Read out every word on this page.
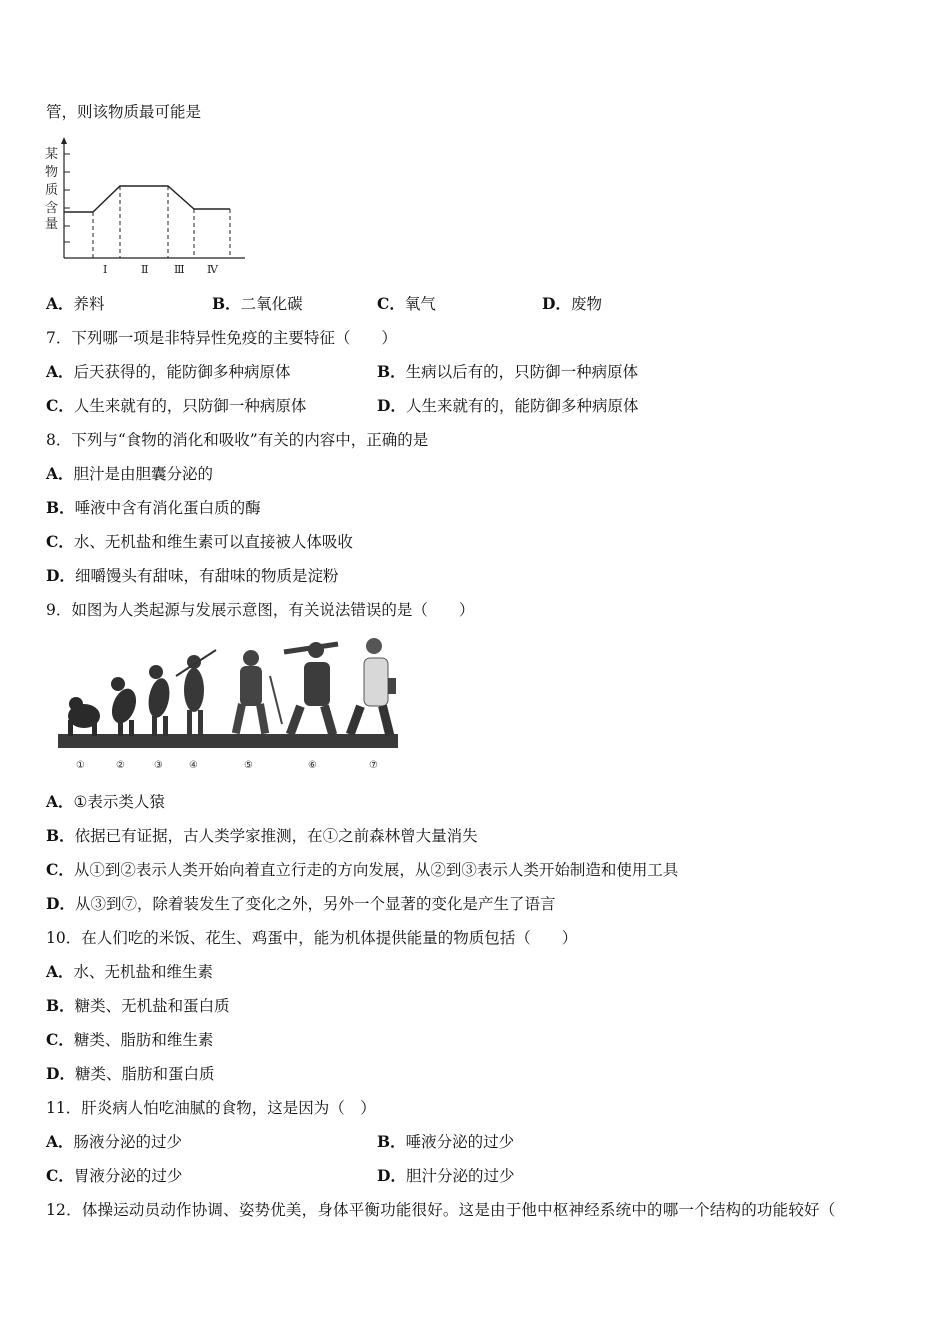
管，则该物质最可能是
某
物
质
含
量
Ⅰ	Ⅱ Ⅲ Ⅳ
A．养料	B．二氧化碳	C．氧气	D．废物
7．下列哪一项是非特异性免疫的主要特征（　　）
A．后天获得的，能防御多种病原体	B．生病以后有的，只防御一种病原体
C．人生来就有的，只防御一种病原体	D．人生来就有的，能防御多种病原体
8．下列与“食物的消化和吸收”有关的内容中，正确的是
A．胆汁是由胆囊分泌的
B．唾液中含有消化蛋白质的酶
C．水、无机盐和维生素可以直接被人体吸收
D．细嚼馒头有甜味，有甜味的物质是淀粉
9．如图为人类起源与发展示意图，有关说法错误的是（　　）
①	②	③	④	⑤	⑥	⑦
A．①表示类人猿
B．依据已有证据，古人类学家推测，在①之前森林曾大量消失
C．从①到②表示人类开始向着直立行走的方向发展，从②到③表示人类开始制造和使用工具
D．从③到⑦，除着装发生了变化之外，另外一个显著的变化是产生了语言
10．在人们吃的米饭、花生、鸡蛋中，能为机体提供能量的物质包括（　　）
A．水、无机盐和维生素
B．糖类、无机盐和蛋白质
C．糖类、脂肪和维生素
D．糖类、脂肪和蛋白质
11．肝炎病人怕吃油腻的食物，这是因为（　）
A．肠液分泌的过少	B．唾液分泌的过少
C．胃液分泌的过少	D．胆汁分泌的过少
12．体操运动员动作协调、姿势优美，身体平衡功能很好。这是由于他中枢神经系统中的哪一个结构的功能较好（
